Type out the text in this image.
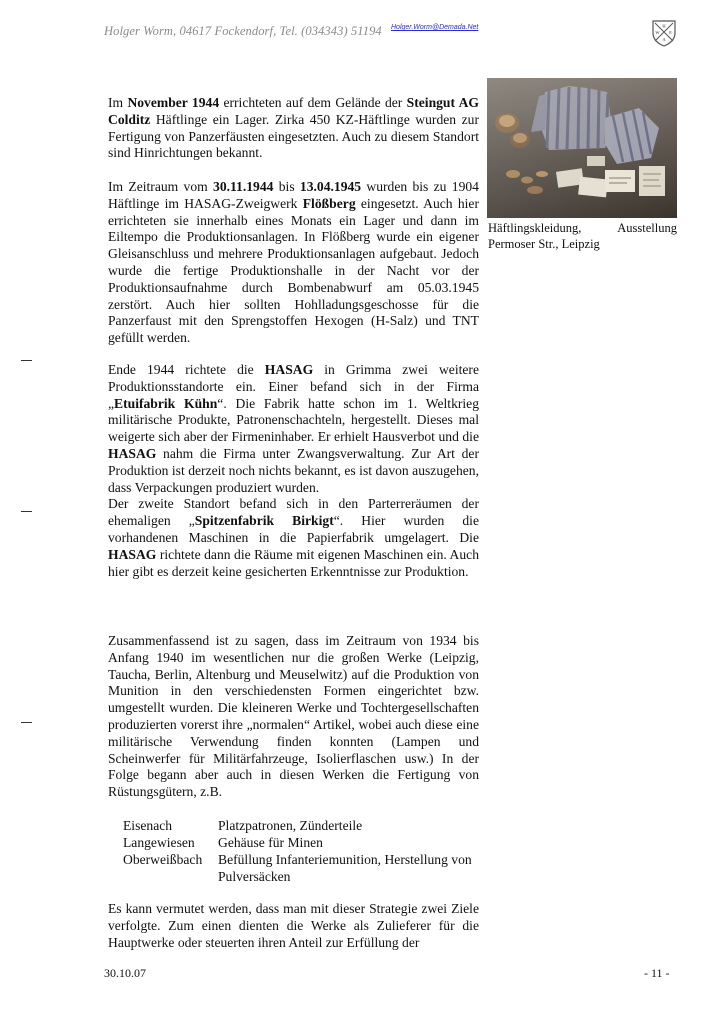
Holger Worm, 04617 Fockendorf, Tel. (034343) 51194 Holger.Worm@Demada.Net	H
W E
A
Häftlingskleidung, Ausstellung Permoser Str., Leipzig

Im November 1944 errichteten auf dem Gelände der Steingut AG Colditz Häftlinge ein Lager. Zirka 450 KZ-Häftlinge wurden zur Fertigung von Panzerfäusten eingesetzten. Auch zu diesem Standort sind Hinrichtungen bekannt.

Im Zeitraum vom 30.11.1944 bis 13.04.1945 wurden bis zu 1904 Häftlinge im HASAG-Zweigwerk Flößberg eingesetzt. Auch hier errichteten sie innerhalb eines Monats ein Lager und dann im Eiltempo die Produktionsanlagen. In Flößberg wurde ein eigener Gleisanschluss und mehrere Produktionsanlagen aufgebaut. Jedoch wurde die fertige Produktionshalle in der Nacht vor der Produktionsaufnahme durch Bombenabwurf am 05.03.1945 zerstört. Auch hier sollten Hohlladungsgeschosse für die Panzerfaust mit den Sprengstoffen Hexogen (H-Salz) und TNT gefüllt werden.

Ende 1944 richtete die HASAG in Grimma zwei weitere Produktionsstandorte ein. Einer befand sich in der Firma „Etuifabrik Kühn“. Die Fabrik hatte schon im 1. Weltkrieg militärische Produkte, Patronenschachteln, hergestellt. Dieses mal weigerte sich aber der Firmeninhaber. Er erhielt Hausverbot und die HASAG nahm die Firma unter Zwangsverwaltung. Zur Art der Produktion ist derzeit noch nichts bekannt, es ist davon auszugehen, dass Verpackungen produziert wurden.

Der zweite Standort befand sich in den Parterreräumen der ehemaligen „Spitzenfabrik Birkigt“. Hier wurden die vorhandenen Maschinen in die Papierfabrik umgelagert. Die HASAG richtete dann die Räume mit eigenen Maschinen ein. Auch hier gibt es derzeit keine gesicherten Erkenntnisse zur Produktion.

Zusammenfassend ist zu sagen, dass im Zeitraum von 1934 bis Anfang 1940 im wesentlichen nur die großen Werke (Leipzig, Taucha, Berlin, Altenburg und Meuselwitz) auf die Produktion von Munition in den verschiedensten Formen eingerichtet bzw. umgestellt wurden. Die kleineren Werke und Tochtergesellschaften produzierten vorerst ihre „normalen“ Artikel, wobei auch diese eine militärische Verwendung finden konnten (Lampen und Scheinwerfer für Militärfahrzeuge, Isolierflaschen usw.) In der Folge begann aber auch in diesen Werken die Fertigung von Rüstungsgütern, z.B.

Eisenach	Platzpatronen, Zünderteile
Langewiesen	Gehäuse für Minen
Oberweißbach	Befüllung Infanteriemunition, Herstellung von Pulversäcken

Es kann vermutet werden, dass man mit dieser Strategie zwei Ziele verfolgte. Zum einen dienten die Werke als Zulieferer für die Hauptwerke oder steuerten ihren Anteil zur Erfüllung der

30.10.07	- 11 -
